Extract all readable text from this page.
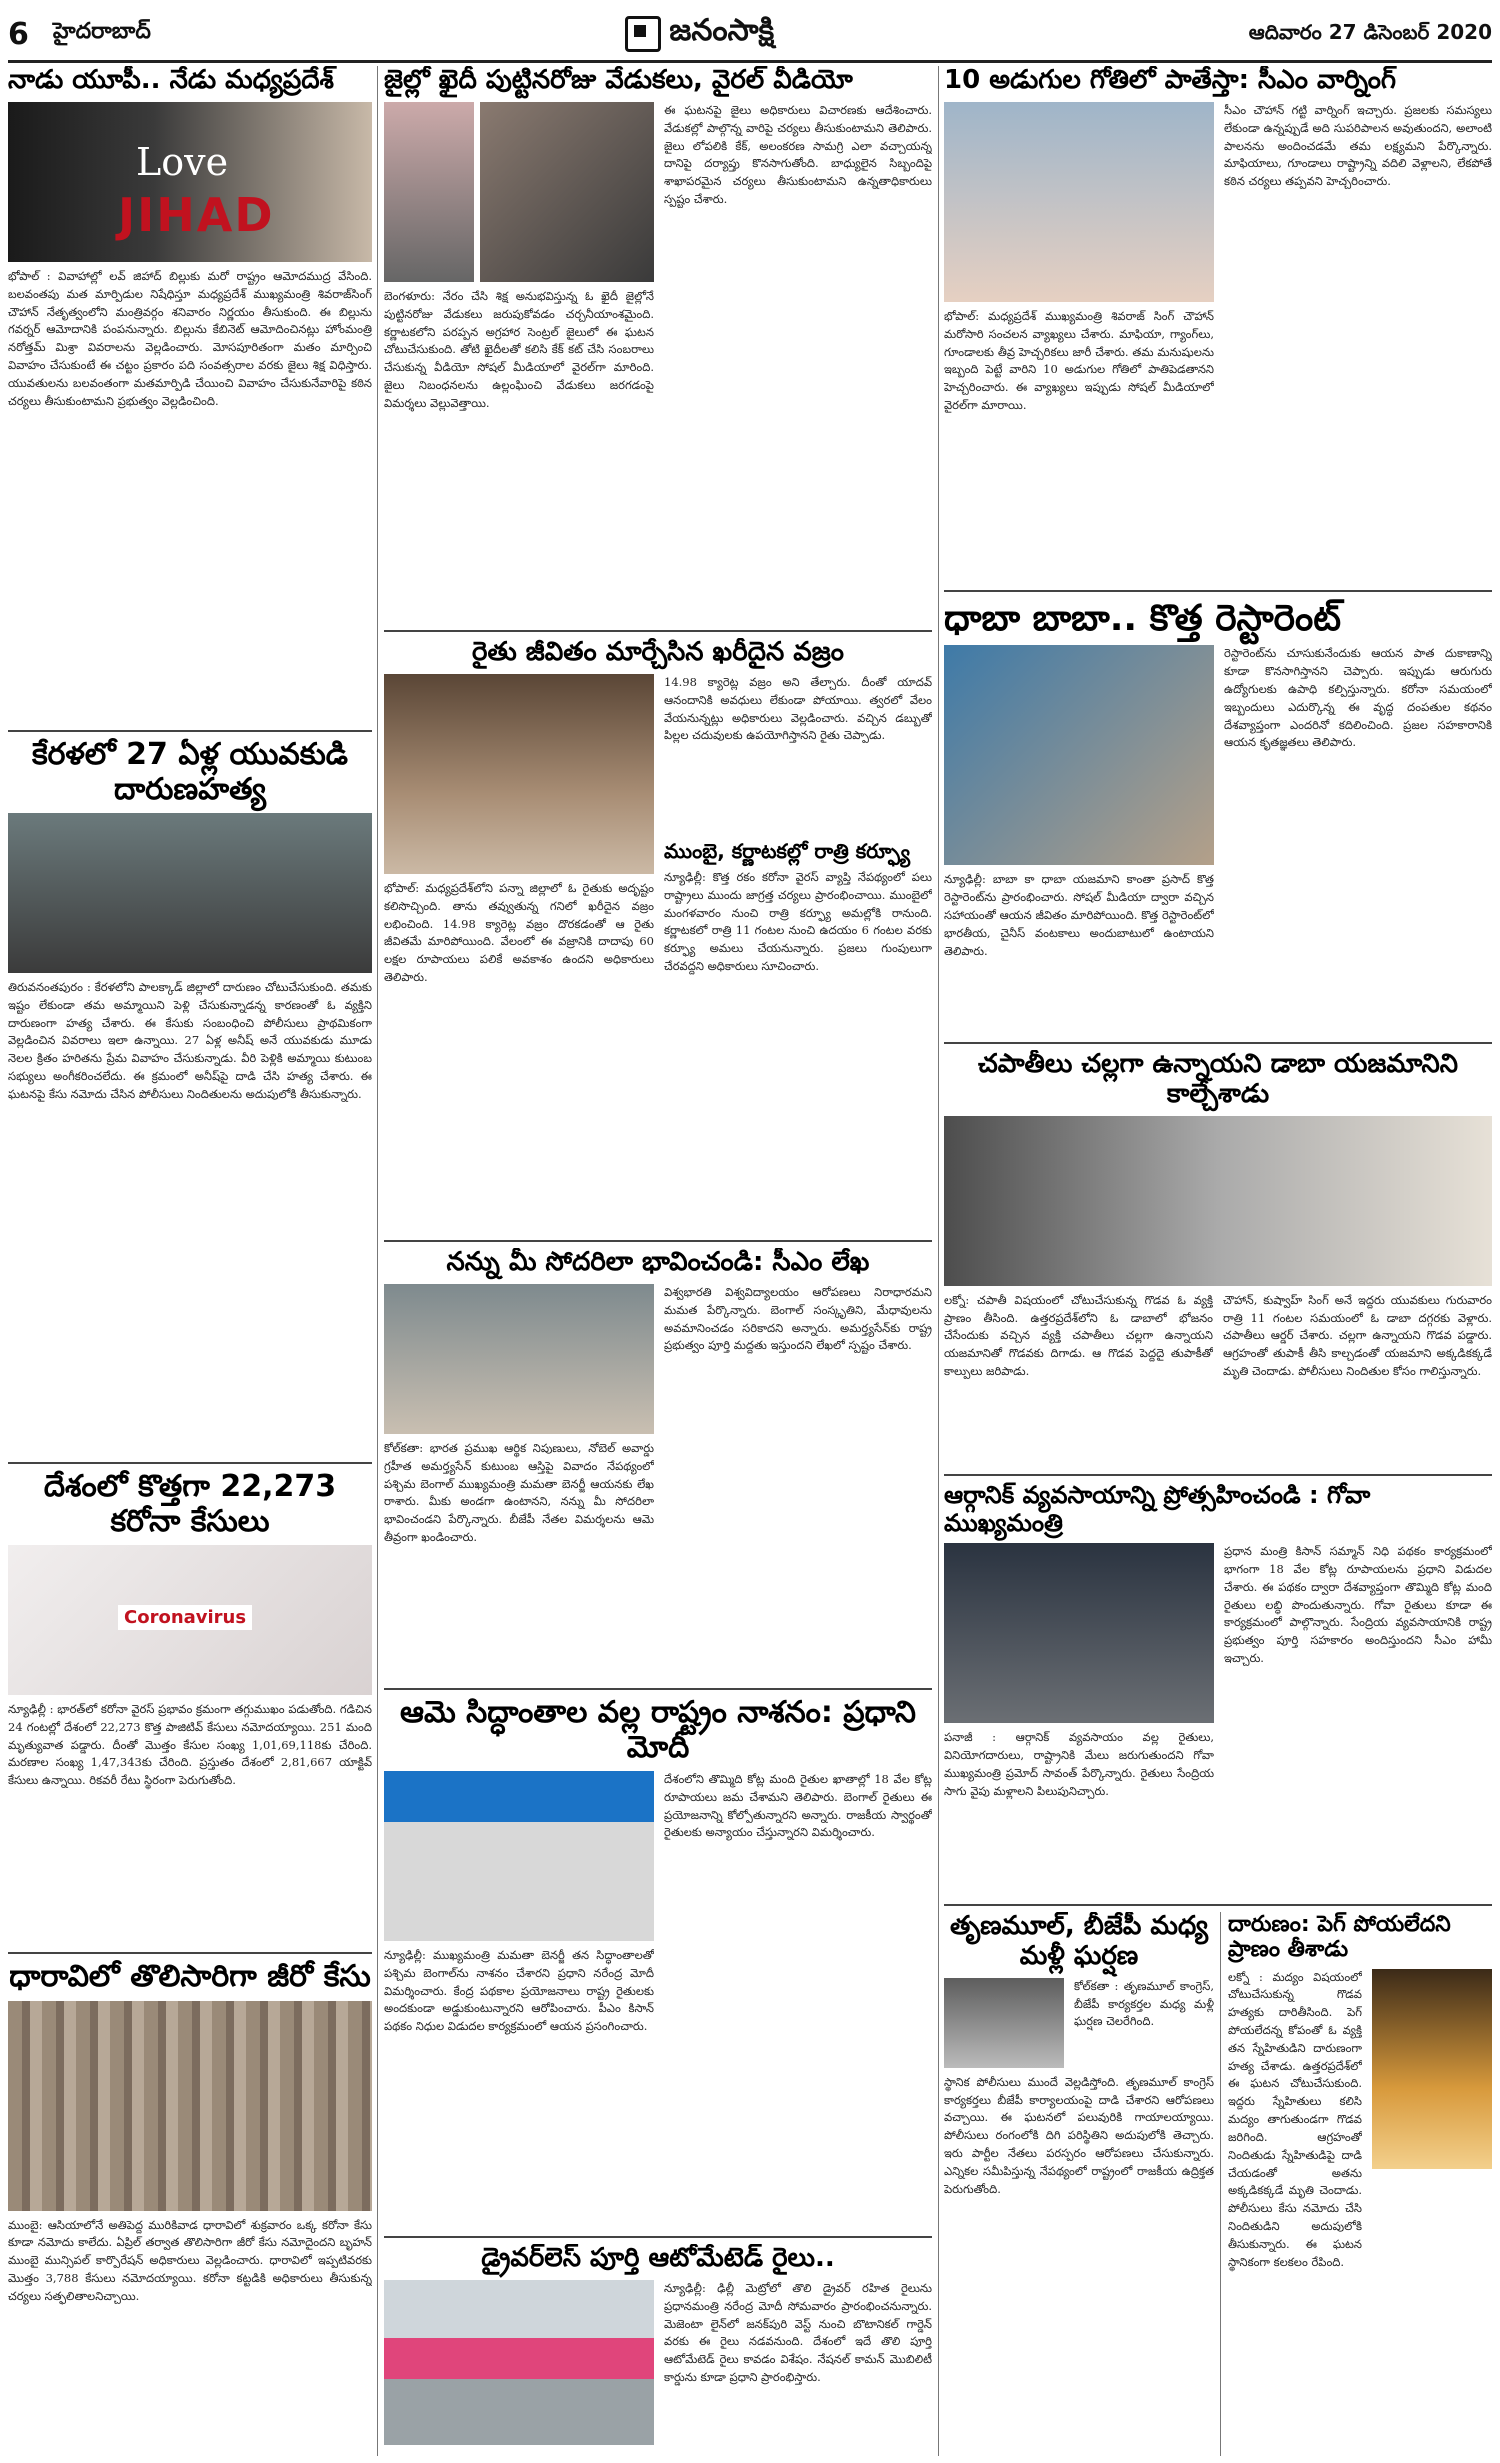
6 హైదరాబాద్	జనంసాక్షి	ఆదివారం 27 డిసెంబర్ 2020
నాడు యూపీ.. నేడు మధ్యప్రదేశ్
Love
JIHAD

భోపాల్ : వివాహాల్లో లవ్ జిహాద్ బిల్లుకు మరో రాష్ట్రం ఆమోదముద్ర వేసింది. బలవంతపు మత మార్పిడుల నిషేధిస్తూ మధ్యప్రదేశ్ ముఖ్యమంత్రి శివరాజ్‌సింగ్ చౌహాన్ నేతృత్వంలోని మంత్రివర్గం శనివారం నిర్ణయం తీసుకుంది. ఈ బిల్లును గవర్నర్ ఆమోదానికి పంపనున్నారు. బిల్లును కేబినెట్‌ ఆమోదించినట్లు హోంమంత్రి నరోత్తమ్ మిశ్రా వివరాలను వెల్లడించారు. మోసపూరితంగా మతం మార్పించి వివాహం చేసుకుంటే ఈ చట్టం ప్రకారం పది సంవత్సరాల వరకు జైలు శిక్ష విధిస్తారు. యువతులను బలవంతంగా మతమార్పిడి చేయించి వివాహం చేసుకునేవారిపై కఠిన చర్యలు తీసుకుంటామని ప్రభుత్వం వెల్లడించింది.

కేరళలో 27 ఏళ్ల యువకుడి దారుణహత్య

తిరువనంతపురం : కేరళలోని పాలక్కాడ్ జిల్లాలో దారుణం చోటుచేసుకుంది. తమకు ఇష్టం లేకుండా తమ అమ్మాయిని పెళ్లి చేసుకున్నాడన్న కారణంతో ఓ వ్యక్తిని దారుణంగా హత్య చేశారు. ఈ కేసుకు సంబంధించి పోలీసులు ప్రాథమికంగా వెల్లడించిన వివరాలు ఇలా ఉన్నాయి. 27 ఏళ్ల అనీష్ అనే యువకుడు మూడు నెలల క్రితం హరితను ప్రేమ వివాహం చేసుకున్నాడు. వీరి పెళ్లికి అమ్మాయి కుటుంబ సభ్యులు అంగీకరించలేదు. ఈ క్రమంలో అనీష్‌పై దాడి చేసి హత్య చేశారు. ఈ ఘటనపై కేసు నమోదు చేసిన పోలీసులు నిందితులను అదుపులోకి తీసుకున్నారు.

దేశంలో కొత్తగా 22,273 కరోనా కేసులు
Coronavirus

న్యూఢిల్లీ : భారత్‌లో కరోనా వైరస్ ప్రభావం క్రమంగా తగ్గుముఖం పడుతోంది. గడిచిన 24 గంటల్లో దేశంలో 22,273 కొత్త పాజిటివ్ కేసులు నమోదయ్యాయి. 251 మంది మృత్యువాత పడ్డారు. దీంతో మొత్తం కేసుల సంఖ్య 1,01,69,118కు చేరింది. మరణాల సంఖ్య 1,47,343కు చేరింది. ప్రస్తుతం దేశంలో 2,81,667 యాక్టివ్ కేసులు ఉన్నాయి. రికవరీ రేటు స్థిరంగా పెరుగుతోంది.

ధారావిలో తొలిసారిగా జీరో కేసు

ముంబై: ఆసియాలోనే అతిపెద్ద మురికివాడ ధారావిలో శుక్రవారం ఒక్క కరోనా కేసు కూడా నమోదు కాలేదు. ఏప్రిల్ తర్వాత తొలిసారిగా జీరో కేసు నమోదైందని బృహన్ ముంబై మున్సిపల్ కార్పొరేషన్ అధికారులు వెల్లడించారు. ధారావిలో ఇప్పటివరకు మొత్తం 3,788 కేసులు నమోదయ్యాయి. కరోనా కట్టడికి అధికారులు తీసుకున్న చర్యలు సత్ఫలితాలనిచ్చాయి.

జైల్లో ఖైదీ పుట్టినరోజు వేడుకలు, వైరల్ వీడియో

బెంగళూరు: నేరం చేసి శిక్ష అనుభవిస్తున్న ఓ ఖైదీ జైల్లోనే పుట్టినరోజు వేడుకలు జరుపుకోవడం చర్చనీయాంశమైంది. కర్ణాటకలోని పరప్పన అగ్రహార సెంట్రల్ జైలులో ఈ ఘటన చోటుచేసుకుంది. తోటి ఖైదీలతో కలిసి కేక్ కట్ చేసి సంబరాలు చేసుకున్న వీడియో సోషల్ మీడియాలో వైరల్‌గా మారింది. జైలు నిబంధనలను ఉల్లంఘించి వేడుకలు జరగడంపై విమర్శలు వెల్లువెత్తాయి.

ఈ ఘటనపై జైలు అధికారులు విచారణకు ఆదేశించారు. వేడుకల్లో పాల్గొన్న వారిపై చర్యలు తీసుకుంటామని తెలిపారు. జైలు లోపలికి కేక్, అలంకరణ సామగ్రి ఎలా వచ్చాయన్న దానిపై దర్యాప్తు కొనసాగుతోంది. బాధ్యులైన సిబ్బందిపై శాఖాపరమైన చర్యలు తీసుకుంటామని ఉన్నతాధికారులు స్పష్టం చేశారు.

రైతు జీవితం మార్చేసిన ఖరీదైన వజ్రం

భోపాల్: మధ్యప్రదేశ్‌లోని పన్నా జిల్లాలో ఓ రైతుకు అదృష్టం కలిసొచ్చింది. తాను తవ్వుతున్న గనిలో ఖరీదైన వజ్రం లభించింది. 14.98 క్యారెట్ల వజ్రం దొరకడంతో ఆ రైతు జీవితమే మారిపోయింది. వేలంలో ఈ వజ్రానికి దాదాపు 60 లక్షల రూపాయలు పలికే అవకాశం ఉందని అధికారులు తెలిపారు.

14.98 క్యారెట్ల వజ్రం అని తేల్చారు. దీంతో యాదవ్ ఆనందానికి అవధులు లేకుండా పోయాయి. త్వరలో వేలం వేయనున్నట్లు అధికారులు వెల్లడించారు. వచ్చిన డబ్బుతో పిల్లల చదువులకు ఉపయోగిస్తానని రైతు చెప్పాడు.

ముంబై, కర్ణాటకల్లో రాత్రి కర్ఫ్యూ

న్యూఢిల్లీ: కొత్త రకం కరోనా వైరస్ వ్యాప్తి నేపథ్యంలో పలు రాష్ట్రాలు ముందు జాగ్రత్త చర్యలు ప్రారంభించాయి. ముంబైలో మంగళవారం నుంచి రాత్రి కర్ఫ్యూ అమల్లోకి రానుంది. కర్ణాటకలో రాత్రి 11 గంటల నుంచి ఉదయం 6 గంటల వరకు కర్ఫ్యూ అమలు చేయనున్నారు. ప్రజలు గుంపులుగా చేరవద్దని అధికారులు సూచించారు.

నన్ను మీ సోదరిలా భావించండి: సీఎం లేఖ

కోల్‌కతా: భారత ప్రముఖ ఆర్థిక నిపుణులు, నోబెల్ అవార్డు గ్రహీత అమర్త్యసేన్ కుటుంబ ఆస్తిపై వివాదం నేపథ్యంలో పశ్చిమ బెంగాల్ ముఖ్యమంత్రి మమతా బెనర్జీ ఆయనకు లేఖ రాశారు. మీకు అండగా ఉంటానని, నన్ను మీ సోదరిలా భావించండని పేర్కొన్నారు. బీజేపీ నేతల విమర్శలను ఆమె తీవ్రంగా ఖండించారు.

విశ్వభారతి విశ్వవిద్యాలయం ఆరోపణలు నిరాధారమని మమత పేర్కొన్నారు. బెంగాల్ సంస్కృతిని, మేధావులను అవమానించడం సరికాదని అన్నారు. అమర్త్యసేన్‌కు రాష్ట్ర ప్రభుత్వం పూర్తి మద్దతు ఇస్తుందని లేఖలో స్పష్టం చేశారు.

ఆమె సిద్ధాంతాల వల్ల రాష్ట్రం నాశనం: ప్రధాని మోదీ

న్యూఢిల్లీ: ముఖ్యమంత్రి మమతా బెనర్జీ తన సిద్ధాంతాలతో పశ్చిమ బెంగాల్‌ను నాశనం చేశారని ప్రధాని నరేంద్ర మోదీ విమర్శించారు. కేంద్ర పథకాల ప్రయోజనాలు రాష్ట్ర రైతులకు అందకుండా అడ్డుకుంటున్నారని ఆరోపించారు. పీఎం కిసాన్ పథకం నిధుల విడుదల కార్యక్రమంలో ఆయన ప్రసంగించారు.

దేశంలోని తొమ్మిది కోట్ల మంది రైతుల ఖాతాల్లో 18 వేల కోట్ల రూపాయలు జమ చేశామని తెలిపారు. బెంగాల్ రైతులు ఈ ప్రయోజనాన్ని కోల్పోతున్నారని అన్నారు. రాజకీయ స్వార్థంతో రైతులకు అన్యాయం చేస్తున్నారని విమర్శించారు.

డ్రైవర్‌లెస్ పూర్తి ఆటోమేటెడ్ రైలు..

న్యూఢిల్లీ: ఢిల్లీ మెట్రోలో తొలి డ్రైవర్ రహిత రైలును ప్రధానమంత్రి నరేంద్ర మోదీ సోమవారం ప్రారంభించనున్నారు. మెజెంటా లైన్‌లో జనక్‌పురి వెస్ట్ నుంచి బొటానికల్ గార్డెన్ వరకు ఈ రైలు నడవనుంది. దేశంలో ఇదే తొలి పూర్తి ఆటోమేటెడ్ రైలు కావడం విశేషం. నేషనల్ కామన్ మొబిలిటీ కార్డును కూడా ప్రధాని ప్రారంభిస్తారు.

10 అడుగుల గోతిలో పాతేస్తా: సీఎం వార్నింగ్

భోపాల్: మధ్యప్రదేశ్ ముఖ్యమంత్రి శివరాజ్ సింగ్ చౌహాన్ మరోసారి సంచలన వ్యాఖ్యలు చేశారు. మాఫియా, గ్యాంగ్‌లు, గూండాలకు తీవ్ర హెచ్చరికలు జారీ చేశారు. తమ మనుషులను ఇబ్బంది పెట్టే వారిని 10 అడుగుల గోతిలో పాతిపెడతానని హెచ్చరించారు. ఈ వ్యాఖ్యలు ఇప్పుడు సోషల్ మీడియాలో వైరల్‌గా మారాయి.

సీఎం చౌహాన్ గట్టి వార్నింగ్ ఇచ్చారు. ప్రజలకు సమస్యలు లేకుండా ఉన్నప్పుడే అది సుపరిపాలన అవుతుందని, అలాంటి పాలనను అందించడమే తమ లక్ష్యమని పేర్కొన్నారు. మాఫియాలు, గూండాలు రాష్ట్రాన్ని వదిలి వెళ్లాలని, లేకపోతే కఠిన చర్యలు తప్పవని హెచ్చరించారు.

ధాబా బాబా.. కొత్త రెస్టారెంట్

న్యూఢిల్లీ: బాబా కా ధాబా యజమాని కాంతా ప్రసాద్ కొత్త రెస్టారెంట్‌ను ప్రారంభించారు. సోషల్ మీడియా ద్వారా వచ్చిన సహాయంతో ఆయన జీవితం మారిపోయింది. కొత్త రెస్టారెంట్‌లో భారతీయ, చైనీస్ వంటకాలు అందుబాటులో ఉంటాయని తెలిపారు.

రెస్టారెంట్‌ను చూసుకునేందుకు ఆయన పాత దుకాణాన్ని కూడా కొనసాగిస్తానని చెప్పారు. ఇప్పుడు ఆరుగురు ఉద్యోగులకు ఉపాధి కల్పిస్తున్నారు. కరోనా సమయంలో ఇబ్బందులు ఎదుర్కొన్న ఈ వృద్ధ దంపతుల కథనం దేశవ్యాప్తంగా ఎందరినో కదిలించింది. ప్రజల సహకారానికి ఆయన కృతజ్ఞతలు తెలిపారు.

చపాతీలు చల్లగా ఉన్నాయని డాబా యజమానిని కాల్చేశాడు

లక్నో: చపాతీ విషయంలో చోటుచేసుకున్న గొడవ ఓ వ్యక్తి ప్రాణం తీసింది. ఉత్తరప్రదేశ్‌లోని ఓ డాబాలో భోజనం చేసేందుకు వచ్చిన వ్యక్తి చపాతీలు చల్లగా ఉన్నాయని యజమానితో గొడవకు దిగాడు. ఆ గొడవ పెద్దదై తుపాకీతో కాల్పులు జరిపాడు.

చౌహాన్, కుష్వాహ్ సింగ్ అనే ఇద్దరు యువకులు గురువారం రాత్రి 11 గంటల సమయంలో ఓ డాబా దగ్గరకు వెళ్లారు. చపాతీలు ఆర్డర్ చేశారు. చల్లగా ఉన్నాయని గొడవ పడ్డారు. ఆగ్రహంతో తుపాకీ తీసి కాల్చడంతో యజమాని అక్కడికక్కడే మృతి చెందాడు. పోలీసులు నిందితుల కోసం గాలిస్తున్నారు.

ఆర్గానిక్ వ్యవసాయాన్ని ప్రోత్సహించండి : గోవా ముఖ్యమంత్రి

పనాజీ : ఆర్గానిక్ వ్యవసాయం వల్ల రైతులు, వినియోగదారులు, రాష్ట్రానికి మేలు జరుగుతుందని గోవా ముఖ్యమంత్రి ప్రమోద్ సావంత్ పేర్కొన్నారు. రైతులు సేంద్రియ సాగు వైపు మళ్లాలని పిలుపునిచ్చారు.

ప్రధాన మంత్రి కిసాన్ సమ్మాన్ నిధి పథకం కార్యక్రమంలో భాగంగా 18 వేల కోట్ల రూపాయలను ప్రధాని విడుదల చేశారు. ఈ పథకం ద్వారా దేశవ్యాప్తంగా తొమ్మిది కోట్ల మంది రైతులు లబ్ధి పొందుతున్నారు. గోవా రైతులు కూడా ఈ కార్యక్రమంలో పాల్గొన్నారు. సేంద్రియ వ్యవసాయానికి రాష్ట్ర ప్రభుత్వం పూర్తి సహకారం అందిస్తుందని సీఎం హామీ ఇచ్చారు.

తృణమూల్, బీజేపీ మధ్య మళ్లీ ఘర్షణ

కోల్‌కతా : తృణమూల్ కాంగ్రెస్, బీజేపీ కార్యకర్తల మధ్య మళ్లీ ఘర్షణ చెలరేగింది.

స్థానిక పోలీసులు ముందే వెల్లడిస్తోంది. తృణమూల్ కాంగ్రెస్ కార్యకర్తలు బీజేపీ కార్యాలయంపై దాడి చేశారని ఆరోపణలు వచ్చాయి. ఈ ఘటనలో పలువురికి గాయాలయ్యాయి. పోలీసులు రంగంలోకి దిగి పరిస్థితిని అదుపులోకి తెచ్చారు. ఇరు పార్టీల నేతలు పరస్పరం ఆరోపణలు చేసుకున్నారు. ఎన్నికల సమీపిస్తున్న నేపథ్యంలో రాష్ట్రంలో రాజకీయ ఉద్రిక్తత పెరుగుతోంది.

దారుణం: పెగ్ పోయలేదని ప్రాణం తీశాడు

లక్నో : మద్యం విషయంలో చోటుచేసుకున్న గొడవ హత్యకు దారితీసింది. పెగ్ పోయలేదన్న కోపంతో ఓ వ్యక్తి తన స్నేహితుడిని దారుణంగా హత్య చేశాడు. ఉత్తరప్రదేశ్‌లో ఈ ఘటన చోటుచేసుకుంది. ఇద్దరు స్నేహితులు కలిసి మద్యం తాగుతుండగా గొడవ జరిగింది. ఆగ్రహంతో నిందితుడు స్నేహితుడిపై దాడి చేయడంతో అతను అక్కడికక్కడే మృతి చెందాడు. పోలీసులు కేసు నమోదు చేసి నిందితుడిని అదుపులోకి తీసుకున్నారు. ఈ ఘటన స్థానికంగా కలకలం రేపింది.
